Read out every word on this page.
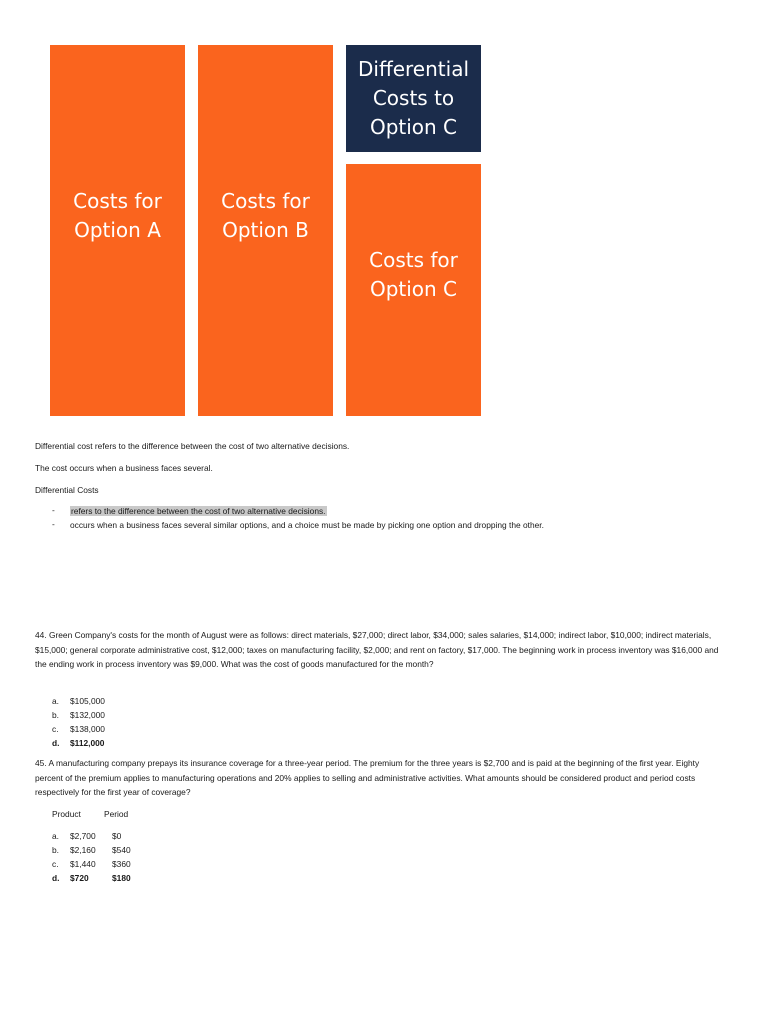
Costs for
Option A
Costs for
Option B
Differential
Costs to
Option C
Costs for
Option C
Differential cost refers to the difference between the cost of two alternative decisions.
The cost occurs when a business faces several.
Differential Costs
- refers to the difference between the cost of two alternative decisions.
- occurs when a business faces several similar options, and a choice must be made by picking one option and dropping the other.
44. Green Company's costs for the month of August were as follows: direct materials, $27,000; direct labor, $34,000; sales salaries, $14,000; indirect labor, $10,000; indirect materials, $15,000; general corporate administrative cost, $12,000; taxes on manufacturing facility, $2,000; and rent on factory, $17,000. The beginning work in process inventory was $16,000 and the ending work in process inventory was $9,000. What was the cost of goods manufactured for the month?
a. $105,000
b. $132,000
c. $138,000
d. $112,000
45. A manufacturing company prepays its insurance coverage for a three-year period. The premium for the three years is $2,700 and is paid at the beginning of the first year. Eighty percent of the premium applies to manufacturing operations and 20% applies to selling and administrative activities. What amounts should be considered product and period costs respectively for the first year of coverage?
Product	Period
a. $2,700 $0
b. $2,160 $540
c. $1,440 $360
d. $720	$180
